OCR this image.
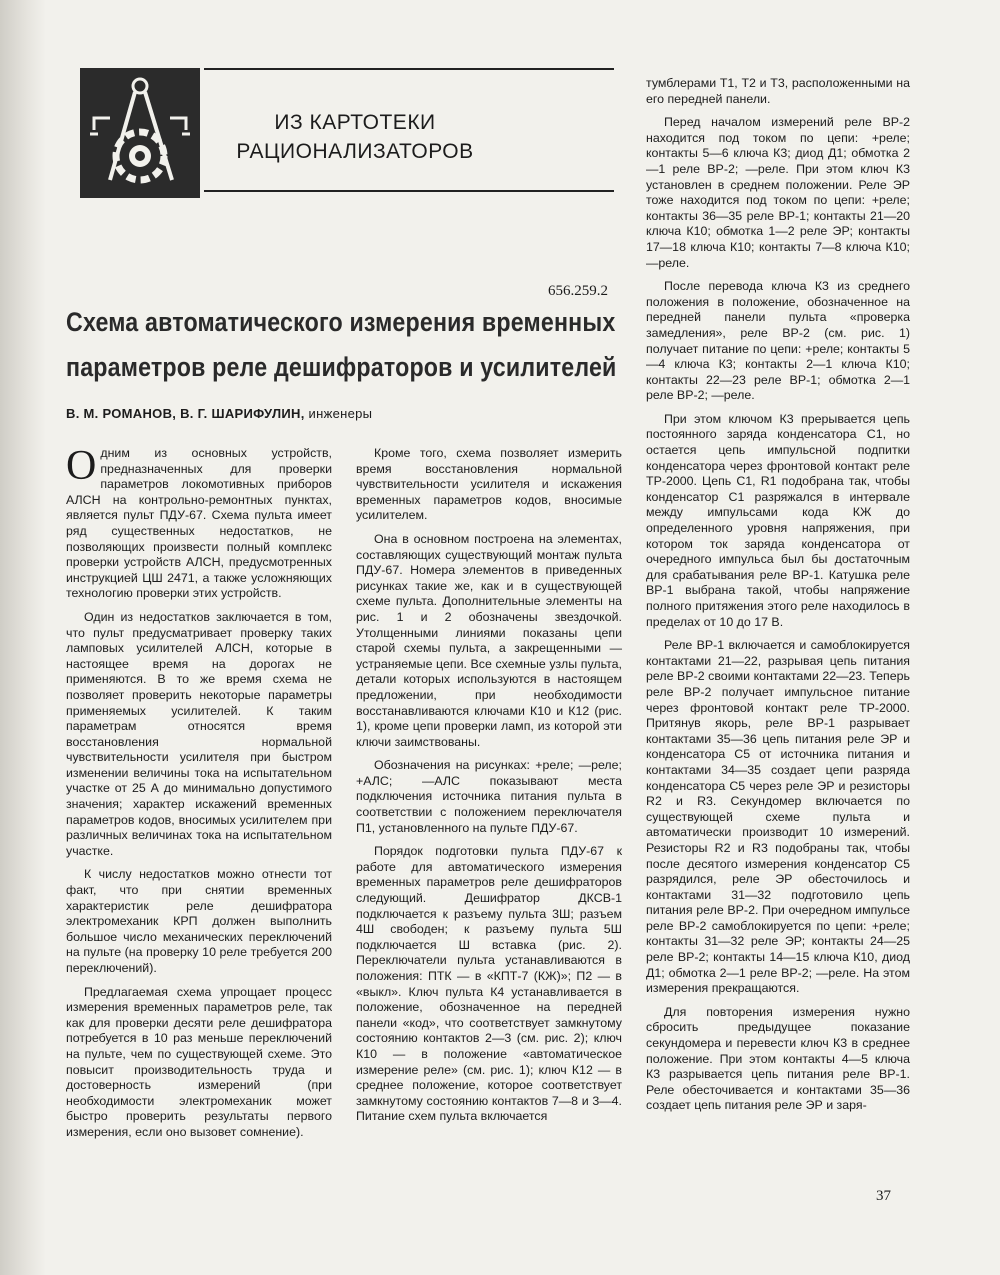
ИЗ КАРТОТЕКИ
РАЦИОНАЛИЗАТОРОВ
656.259.2
Схема автоматического измерения временных
параметров реле дешифраторов и усилителей
В. М. РОМАНОВ, В. Г. ШАРИФУЛИН, инженеры

Одним из основных устройств, предназначенных для проверки параметров локомотивных приборов АЛСН на контрольно-ремонтных пунктах, является пульт ПДУ-67. Схема пульта имеет ряд существенных недостатков, не позволяющих произвести полный комплекс проверки устройств АЛСН, предусмотренных инструкцией ЦШ 2471, а также усложняющих технологию проверки этих устройств.

Один из недостатков заключается в том, что пульт предусматривает проверку таких ламповых усилителей АЛСН, которые в настоящее время на дорогах не применяются. В то же время схема не позволяет проверить некоторые параметры применяемых усилителей. К таким параметрам относятся время восстановления нормальной чувствительности усилителя при быстром изменении величины тока на испытательном участке от 25 А до минимально допустимого значения; характер искажений временных параметров кодов, вносимых усилителем при различных величинах тока на испытательном участке.

К числу недостатков можно отнести тот факт, что при снятии временных характеристик реле дешифратора электромеханик КРП должен выполнить большое число механических переключений на пульте (на проверку 10 реле требуется 200 переключений).

Предлагаемая схема упрощает процесс измерения временных параметров реле, так как для проверки десяти реле дешифратора потребуется в 10 раз меньше переключений на пульте, чем по существующей схеме. Это повысит производительность труда и достоверность измерений (при необходимости электромеханик может быстро проверить результаты первого измерения, если оно вызовет сомнение).

Кроме того, схема позволяет измерить время восстановления нормальной чувствительности усилителя и искажения временных параметров кодов, вносимые усилителем.

Она в основном построена на элементах, составляющих существующий монтаж пульта ПДУ-67. Номера элементов в приведенных рисунках такие же, как и в существующей схеме пульта. Дополнительные элементы на рис. 1 и 2 обозначены звездочкой. Утолщенными линиями показаны цепи старой схемы пульта, а закрещенными — устраняемые цепи. Все схемные узлы пульта, детали которых используются в настоящем предложении, при необходимости восстанавливаются ключами К10 и К12 (рис. 1), кроме цепи проверки ламп, из которой эти ключи заимствованы.

Обозначения на рисунках: +реле; —реле; +АЛС; —АЛС показывают места подключения источника питания пульта в соответствии с положением переключателя П1, установленного на пульте ПДУ-67.

Порядок подготовки пульта ПДУ-67 к работе для автоматического измерения временных параметров реле дешифраторов следующий. Дешифратор ДКСВ-1 подключается к разъему пульта 3Ш; разъем 4Ш свободен; к разъему пульта 5Ш подключается Ш вставка (рис. 2). Переключатели пульта устанавливаются в положения: ПТК — в «КПТ-7 (КЖ)»; П2 — в «выкл». Ключ пульта К4 устанавливается в положение, обозначенное на передней панели «код», что соответствует замкнутому состоянию контактов 2—3 (см. рис. 2); ключ К10 — в положение «автоматическое измерение реле» (см. рис. 1); ключ К12 — в среднее положение, которое соответствует замкнутому состоянию контактов 7—8 и 3—4. Питание схем пульта включается

тумблерами Т1, Т2 и Т3, расположенными на его передней панели.

Перед началом измерений реле ВР-2 находится под током по цепи: +реле; контакты 5—6 ключа К3; диод Д1; обмотка 2—1 реле ВР-2; —реле. При этом ключ К3 установлен в среднем положении. Реле ЭР тоже находится под током по цепи: +реле; контакты 36—35 реле ВР-1; контакты 21—20 ключа К10; обмотка 1—2 реле ЭР; контакты 17—18 ключа К10; контакты 7—8 ключа К10; —реле.

После перевода ключа К3 из среднего положения в положение, обозначенное на передней панели пульта «проверка замедления», реле ВР-2 (см. рис. 1) получает питание по цепи: +реле; контакты 5—4 ключа К3; контакты 2—1 ключа К10; контакты 22—23 реле ВР-1; обмотка 2—1 реле ВР-2; —реле.

При этом ключом К3 прерывается цепь постоянного заряда конденсатора С1, но остается цепь импульсной подпитки конденсатора через фронтовой контакт реле ТР-2000. Цепь С1, R1 подобрана так, чтобы конденсатор С1 разряжался в интервале между импульсами кода КЖ до определенного уровня напряжения, при котором ток заряда конденсатора от очередного импульса был бы достаточным для срабатывания реле ВР-1. Катушка реле ВР-1 выбрана такой, чтобы напряжение полного притяжения этого реле находилось в пределах от 10 до 17 В.

Реле ВР-1 включается и самоблокируется контактами 21—22, разрывая цепь питания реле ВР-2 своими контактами 22—23. Теперь реле ВР-2 получает импульсное питание через фронтовой контакт реле ТР-2000. Притянув якорь, реле ВР-1 разрывает контактами 35—36 цепь питания реле ЭР и конденсатора С5 от источника питания и контактами 34—35 создает цепи разряда конденсатора С5 через реле ЭР и резисторы R2 и R3. Секундомер включается по существующей схеме пульта и автоматически производит 10 измерений. Резисторы R2 и R3 подобраны так, чтобы после десятого измерения конденсатор С5 разрядился, реле ЭР обесточилось и контактами 31—32 подготовило цепь питания реле ВР-2. При очередном импульсе реле ВР-2 самоблокируется по цепи: +реле; контакты 31—32 реле ЭР; контакты 24—25 реле ВР-2; контакты 14—15 ключа К10, диод Д1; обмотка 2—1 реле ВР-2; —реле. На этом измерения прекращаются.

Для повторения измерения нужно сбросить предыдущее показание секундомера и перевести ключ К3 в среднее положение. При этом контакты 4—5 ключа К3 разрывается цепь питания реле ВР-1. Реле обесточивается и контактами 35—36 создает цепь питания реле ЭР и заря-

37
